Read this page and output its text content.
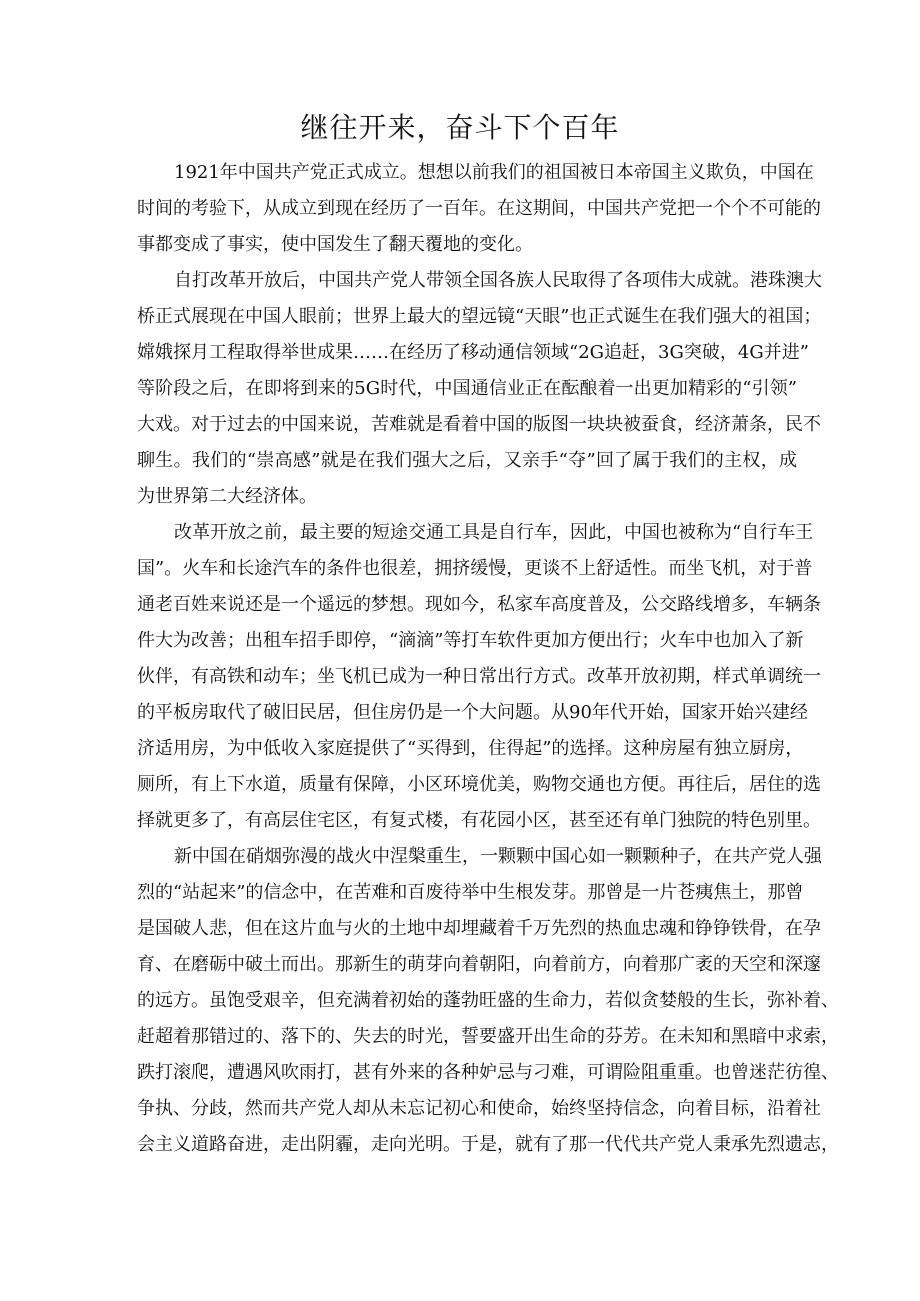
继往开来，奋斗下个百年
1921年中国共产党正式成立。想想以前我们的祖国被日本帝国主义欺负，中国在
时间的考验下，从成立到现在经历了一百年。在这期间，中国共产党把一个个不可能的
事都变成了事实，使中国发生了翻天覆地的变化。
自打改革开放后，中国共产党人带领全国各族人民取得了各项伟大成就。港珠澳大
桥正式展现在中国人眼前；世界上最大的望远镜“天眼”也正式诞生在我们强大的祖国；
嫦娥探月工程取得举世成果……在经历了移动通信领域“2G追赶，3G突破，4G并进”
等阶段之后，在即将到来的5G时代，中国通信业正在酝酿着一出更加精彩的“引领”
大戏。对于过去的中国来说，苦难就是看着中国的版图一块块被蚕食，经济萧条，民不
聊生。我们的“崇高感”就是在我们强大之后，又亲手“夺”回了属于我们的主权，成
为世界第二大经济体。
改革开放之前，最主要的短途交通工具是自行车，因此，中国也被称为“自行车王
国”。火车和长途汽车的条件也很差，拥挤缓慢，更谈不上舒适性。而坐飞机，对于普
通老百姓来说还是一个遥远的梦想。现如今，私家车高度普及，公交路线增多，车辆条
件大为改善；出租车招手即停，“滴滴”等打车软件更加方便出行；火车中也加入了新
伙伴，有高铁和动车；坐飞机已成为一种日常出行方式。改革开放初期，样式单调统一
的平板房取代了破旧民居，但住房仍是一个大问题。从90年代开始，国家开始兴建经
济适用房，为中低收入家庭提供了“买得到，住得起”的选择。这种房屋有独立厨房，
厕所，有上下水道，质量有保障，小区环境优美，购物交通也方便。再往后，居住的选
择就更多了，有高层住宅区，有复式楼，有花园小区，甚至还有单门独院的特色别里。
新中国在硝烟弥漫的战火中涅槃重生，一颗颗中国心如一颗颗种子，在共产党人强
烈的“站起来”的信念中，在苦难和百废待举中生根发芽。那曾是一片苍痍焦土，那曾
是国破人悲，但在这片血与火的土地中却埋藏着千万先烈的热血忠魂和铮铮铁骨，在孕
育、在磨砺中破土而出。那新生的萌芽向着朝阳，向着前方，向着那广袤的天空和深邃
的远方。虽饱受艰辛，但充满着初始的蓬勃旺盛的生命力，若似贪婪般的生长，弥补着、
赶超着那错过的、落下的、失去的时光，誓要盛开出生命的芬芳。在未知和黑暗中求索，
跌打滚爬，遭遇风吹雨打，甚有外来的各种妒忌与刁难，可谓险阻重重。也曾迷茫彷徨、
争执、分歧，然而共产党人却从未忘记初心和使命，始终坚持信念，向着目标，沿着社
会主义道路奋进，走出阴霾，走向光明。于是，就有了那一代代共产党人秉承先烈遗志，
